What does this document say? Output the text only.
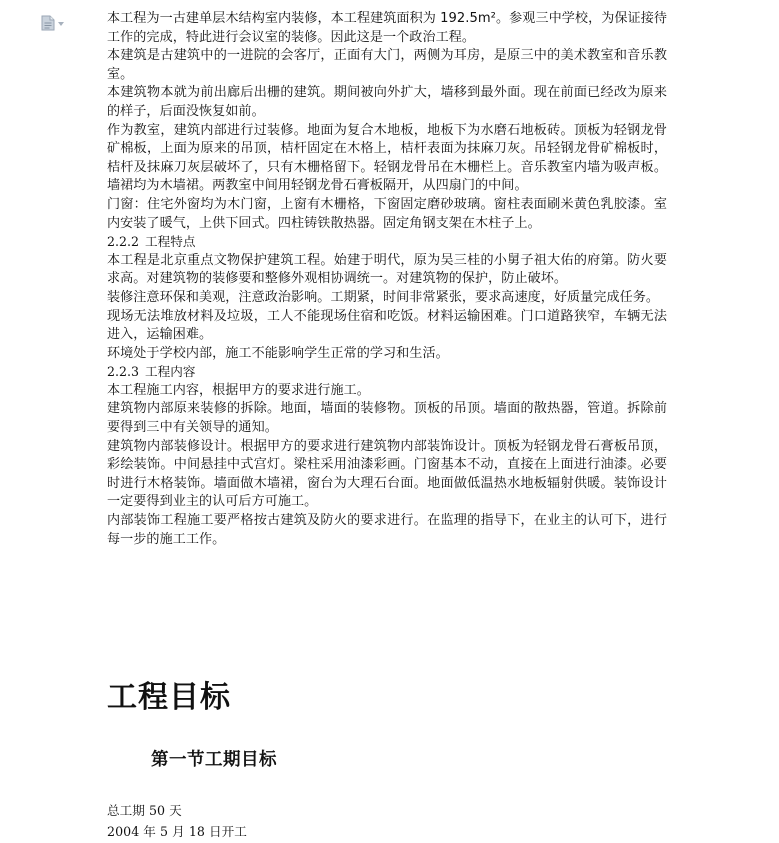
本工程为一古建单层木结构室内装修，本工程建筑面积为 192.5m²。参观三中学校，为保证接待工作的完成，特此进行会议室的装修。因此这是一个政治工程。

本建筑是古建筑中的一进院的会客厅，正面有大门，两侧为耳房，是原三中的美术教室和音乐教室。

本建筑物本就为前出廊后出栅的建筑。期间被向外扩大，墙移到最外面。现在前面已经改为原来的样子，后面没恢复如前。

作为教室，建筑内部进行过装修。地面为复合木地板，地板下为水磨石地板砖。顶板为轻钢龙骨矿棉板，上面为原来的吊顶，桔杆固定在木格上，桔杆表面为抹麻刀灰。吊轻钢龙骨矿棉板时，桔杆及抹麻刀灰层破坏了，只有木栅格留下。轻钢龙骨吊在木栅栏上。音乐教室内墙为吸声板。墙裙均为木墙裙。两教室中间用轻钢龙骨石膏板隔开，从四扇门的中间。

门窗：住宅外窗均为木门窗，上窗有木栅格，下窗固定磨砂玻璃。窗柱表面刷米黄色乳胶漆。室内安装了暖气，上供下回式。四柱铸铁散热器。固定角钢支架在木柱子上。

2.2.2 工程特点

本工程是北京重点文物保护建筑工程。始建于明代，原为吴三桂的小舅子祖大佑的府第。防火要求高。对建筑物的装修要和整修外观相协调统一。对建筑物的保护，防止破坏。

装修注意环保和美观，注意政治影响。工期紧，时间非常紧张，要求高速度，好质量完成任务。

现场无法堆放材料及垃圾，工人不能现场住宿和吃饭。材料运输困难。门口道路狭窄，车辆无法进入，运输困难。

环境处于学校内部，施工不能影响学生正常的学习和生活。

2.2.3 工程内容

本工程施工内容，根据甲方的要求进行施工。

建筑物内部原来装修的拆除。地面，墙面的装修物。顶板的吊顶。墙面的散热器，管道。拆除前要得到三中有关领导的通知。

建筑物内部装修设计。根据甲方的要求进行建筑物内部装饰设计。顶板为轻钢龙骨石膏板吊顶，彩绘装饰。中间悬挂中式宫灯。梁柱采用油漆彩画。门窗基本不动，直接在上面进行油漆。必要时进行木格装饰。墙面做木墙裙，窗台为大理石台面。地面做低温热水地板辐射供暖。装饰设计一定要得到业主的认可后方可施工。

内部装饰工程施工要严格按古建筑及防火的要求进行。在监理的指导下，在业主的认可下，进行每一步的施工工作。

工程目标
第一节工期目标

总工期 50 天

2004 年 5 月 18 日开工
